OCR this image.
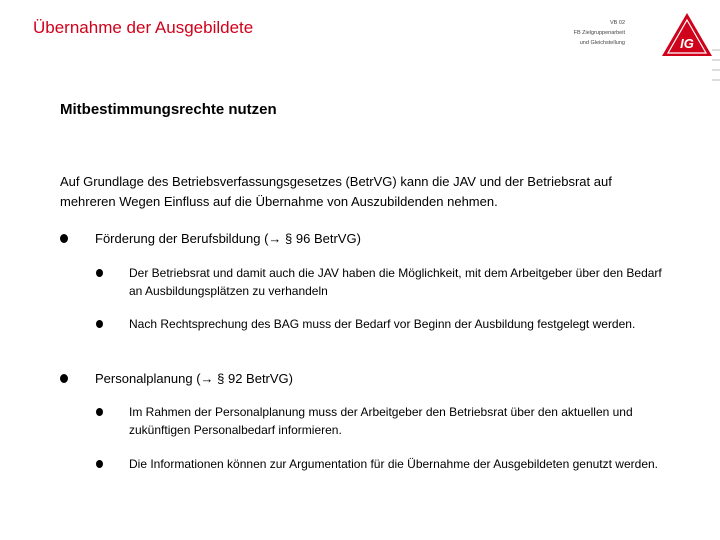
Übernahme der Ausgebildete	VB 02
FB Zielgruppenarbeit
und Gleichstellung	IG
Mitbestimmungsrechte nutzen
Auf Grundlage des Betriebsverfassungsgesetzes (BetrVG) kann die JAV und der Betriebsrat auf mehreren Wegen Einfluss auf die Übernahme von Auszubildenden nehmen.
Förderung der Berufsbildung (→ § 96 BetrVG)
Der Betriebsrat und damit auch die JAV haben die Möglichkeit, mit dem Arbeitgeber über den Bedarf an Ausbildungsplätzen zu verhandeln
Nach Rechtsprechung des BAG muss der Bedarf vor Beginn der Ausbildung festgelegt werden.
Personalplanung (→ § 92 BetrVG)
Im Rahmen der Personalplanung muss der Arbeitgeber den Betriebsrat über den aktuellen und zukünftigen Personalbedarf informieren.
Die Informationen können zur Argumentation für die Übernahme der Ausgebildeten genutzt werden.
